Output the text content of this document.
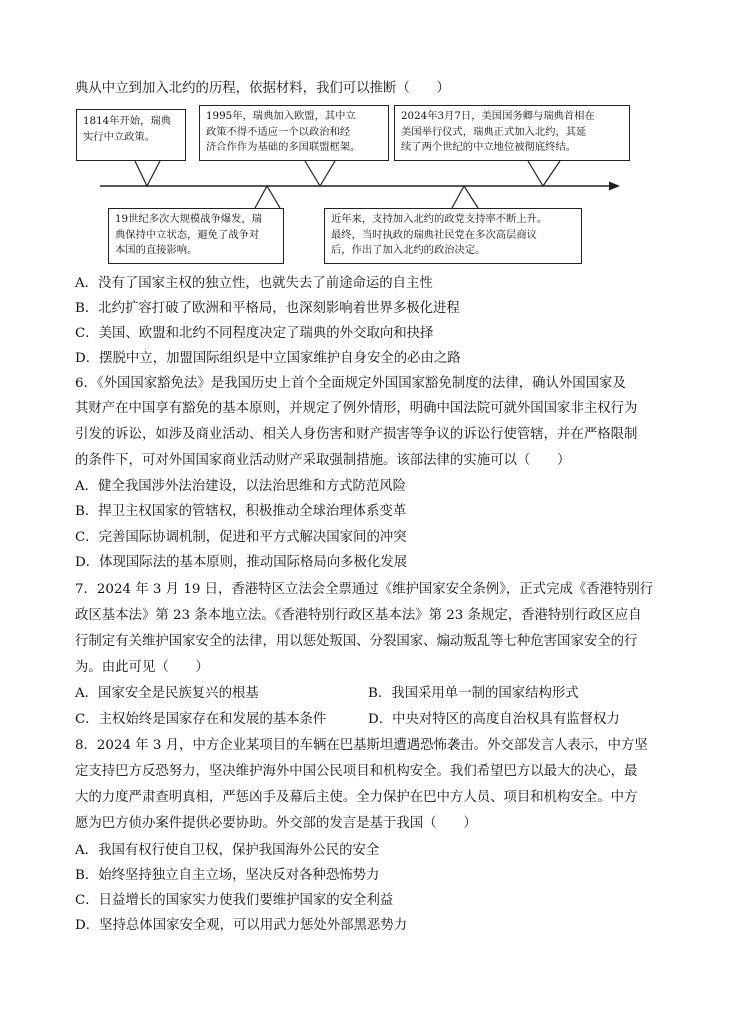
典从中立到加入北约的历程，依据材料，我们可以推断（　　）
1814年开始，瑞典
实行中立政策。
1995年，瑞典加入欧盟，其中立
政策不得不适应一个以政治和经
济合作作为基础的多国联盟框架。
2024年3月7日，美国国务卿与瑞典首相在
美国举行仪式，瑞典正式加入北约，其延
续了两个世纪的中立地位被彻底终结。
19世纪多次大规模战争爆发，瑞
典保持中立状态，避免了战争对
本国的直接影响。
近年来，支持加入北约的政党支持率不断上升。
最终，当时执政的瑞典社民党在多次高层商议
后，作出了加入北约的政治决定。
A．没有了国家主权的独立性，也就失去了前途命运的自主性
B．北约扩容打破了欧洲和平格局，也深刻影响着世界多极化进程
C．美国、欧盟和北约不同程度决定了瑞典的外交取向和抉择
D．摆脱中立，加盟国际组织是中立国家维护自身安全的必由之路
6．《外国国家豁免法》是我国历史上首个全面规定外国国家豁免制度的法律，确认外国国家及
其财产在中国享有豁免的基本原则，并规定了例外情形，明确中国法院可就外国国家非主权行为
引发的诉讼，如涉及商业活动、相关人身伤害和财产损害等争议的诉讼行使管辖，并在严格限制
的条件下，可对外国国家商业活动财产采取强制措施。该部法律的实施可以（　　）
A．健全我国涉外法治建设，以法治思维和方式防范风险
B．捍卫主权国家的管辖权，积极推动全球治理体系变革
C．完善国际协调机制，促进和平方式解决国家间的冲突
D．体现国际法的基本原则，推动国际格局向多极化发展
7．2024 年 3 月 19 日，香港特区立法会全票通过《维护国家安全条例》，正式完成《香港特别行
政区基本法》第 23 条本地立法。《香港特别行政区基本法》第 23 条规定，香港特别行政区应自
行制定有关维护国家安全的法律，用以惩处叛国、分裂国家、煽动叛乱等七种危害国家安全的行
为。由此可见（　　）
A．国家安全是民族复兴的根基	B．我国采用单一制的国家结构形式
C．主权始终是国家存在和发展的基本条件	D．中央对特区的高度自治权具有监督权力
8．2024 年 3 月，中方企业某项目的车辆在巴基斯坦遭遇恐怖袭击。外交部发言人表示，中方坚
定支持巴方反恐努力，坚决维护海外中国公民项目和机构安全。我们希望巴方以最大的决心，最
大的力度严肃查明真相，严惩凶手及幕后主使。全力保护在巴中方人员、项目和机构安全。中方
愿为巴方侦办案件提供必要协助。外交部的发言是基于我国（　　）
A．我国有权行使自卫权，保护我国海外公民的安全
B．始终坚持独立自主立场，坚决反对各种恐怖势力
C．日益增长的国家实力使我们要维护国家的安全利益
D．坚持总体国家安全观，可以用武力惩处外部黑恶势力
